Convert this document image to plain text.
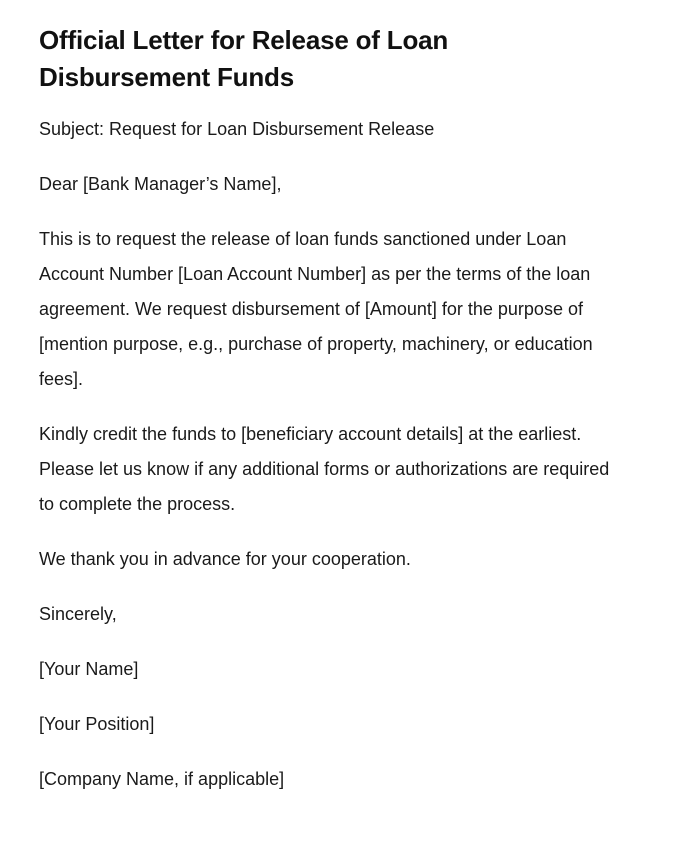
Official Letter for Release of Loan Disbursement Funds

Subject: Request for Loan Disbursement Release

Dear [Bank Manager’s Name],

This is to request the release of loan funds sanctioned under Loan Account Number [Loan Account Number] as per the terms of the loan agreement. We request disbursement of [Amount] for the purpose of [mention purpose, e.g., purchase of property, machinery, or education fees].

Kindly credit the funds to [beneficiary account details] at the earliest. Please let us know if any additional forms or authorizations are required to complete the process.

We thank you in advance for your cooperation.

Sincerely,

[Your Name]

[Your Position]

[Company Name, if applicable]
